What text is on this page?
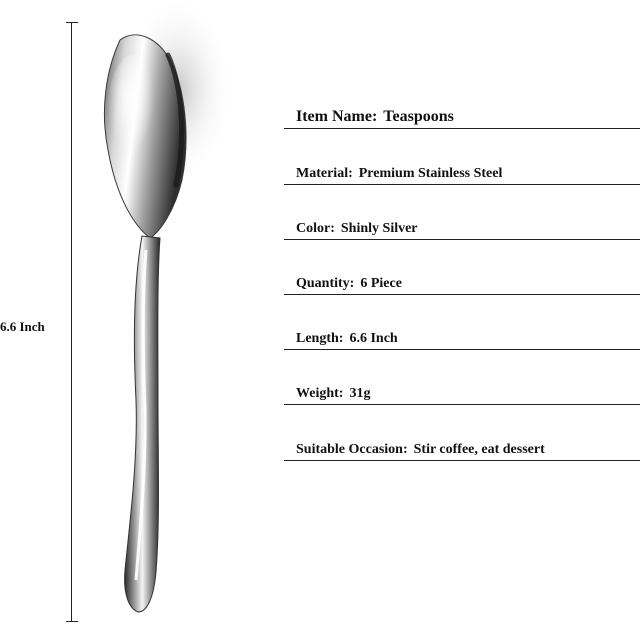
6.6 Inch
Item Name: Teaspoons
Material: Premium Stainless Steel
Color: Shinly Silver
Quantity: 6 Piece
Length: 6.6 Inch
Weight: 31g
Suitable Occasion: Stir coffee, eat dessert
